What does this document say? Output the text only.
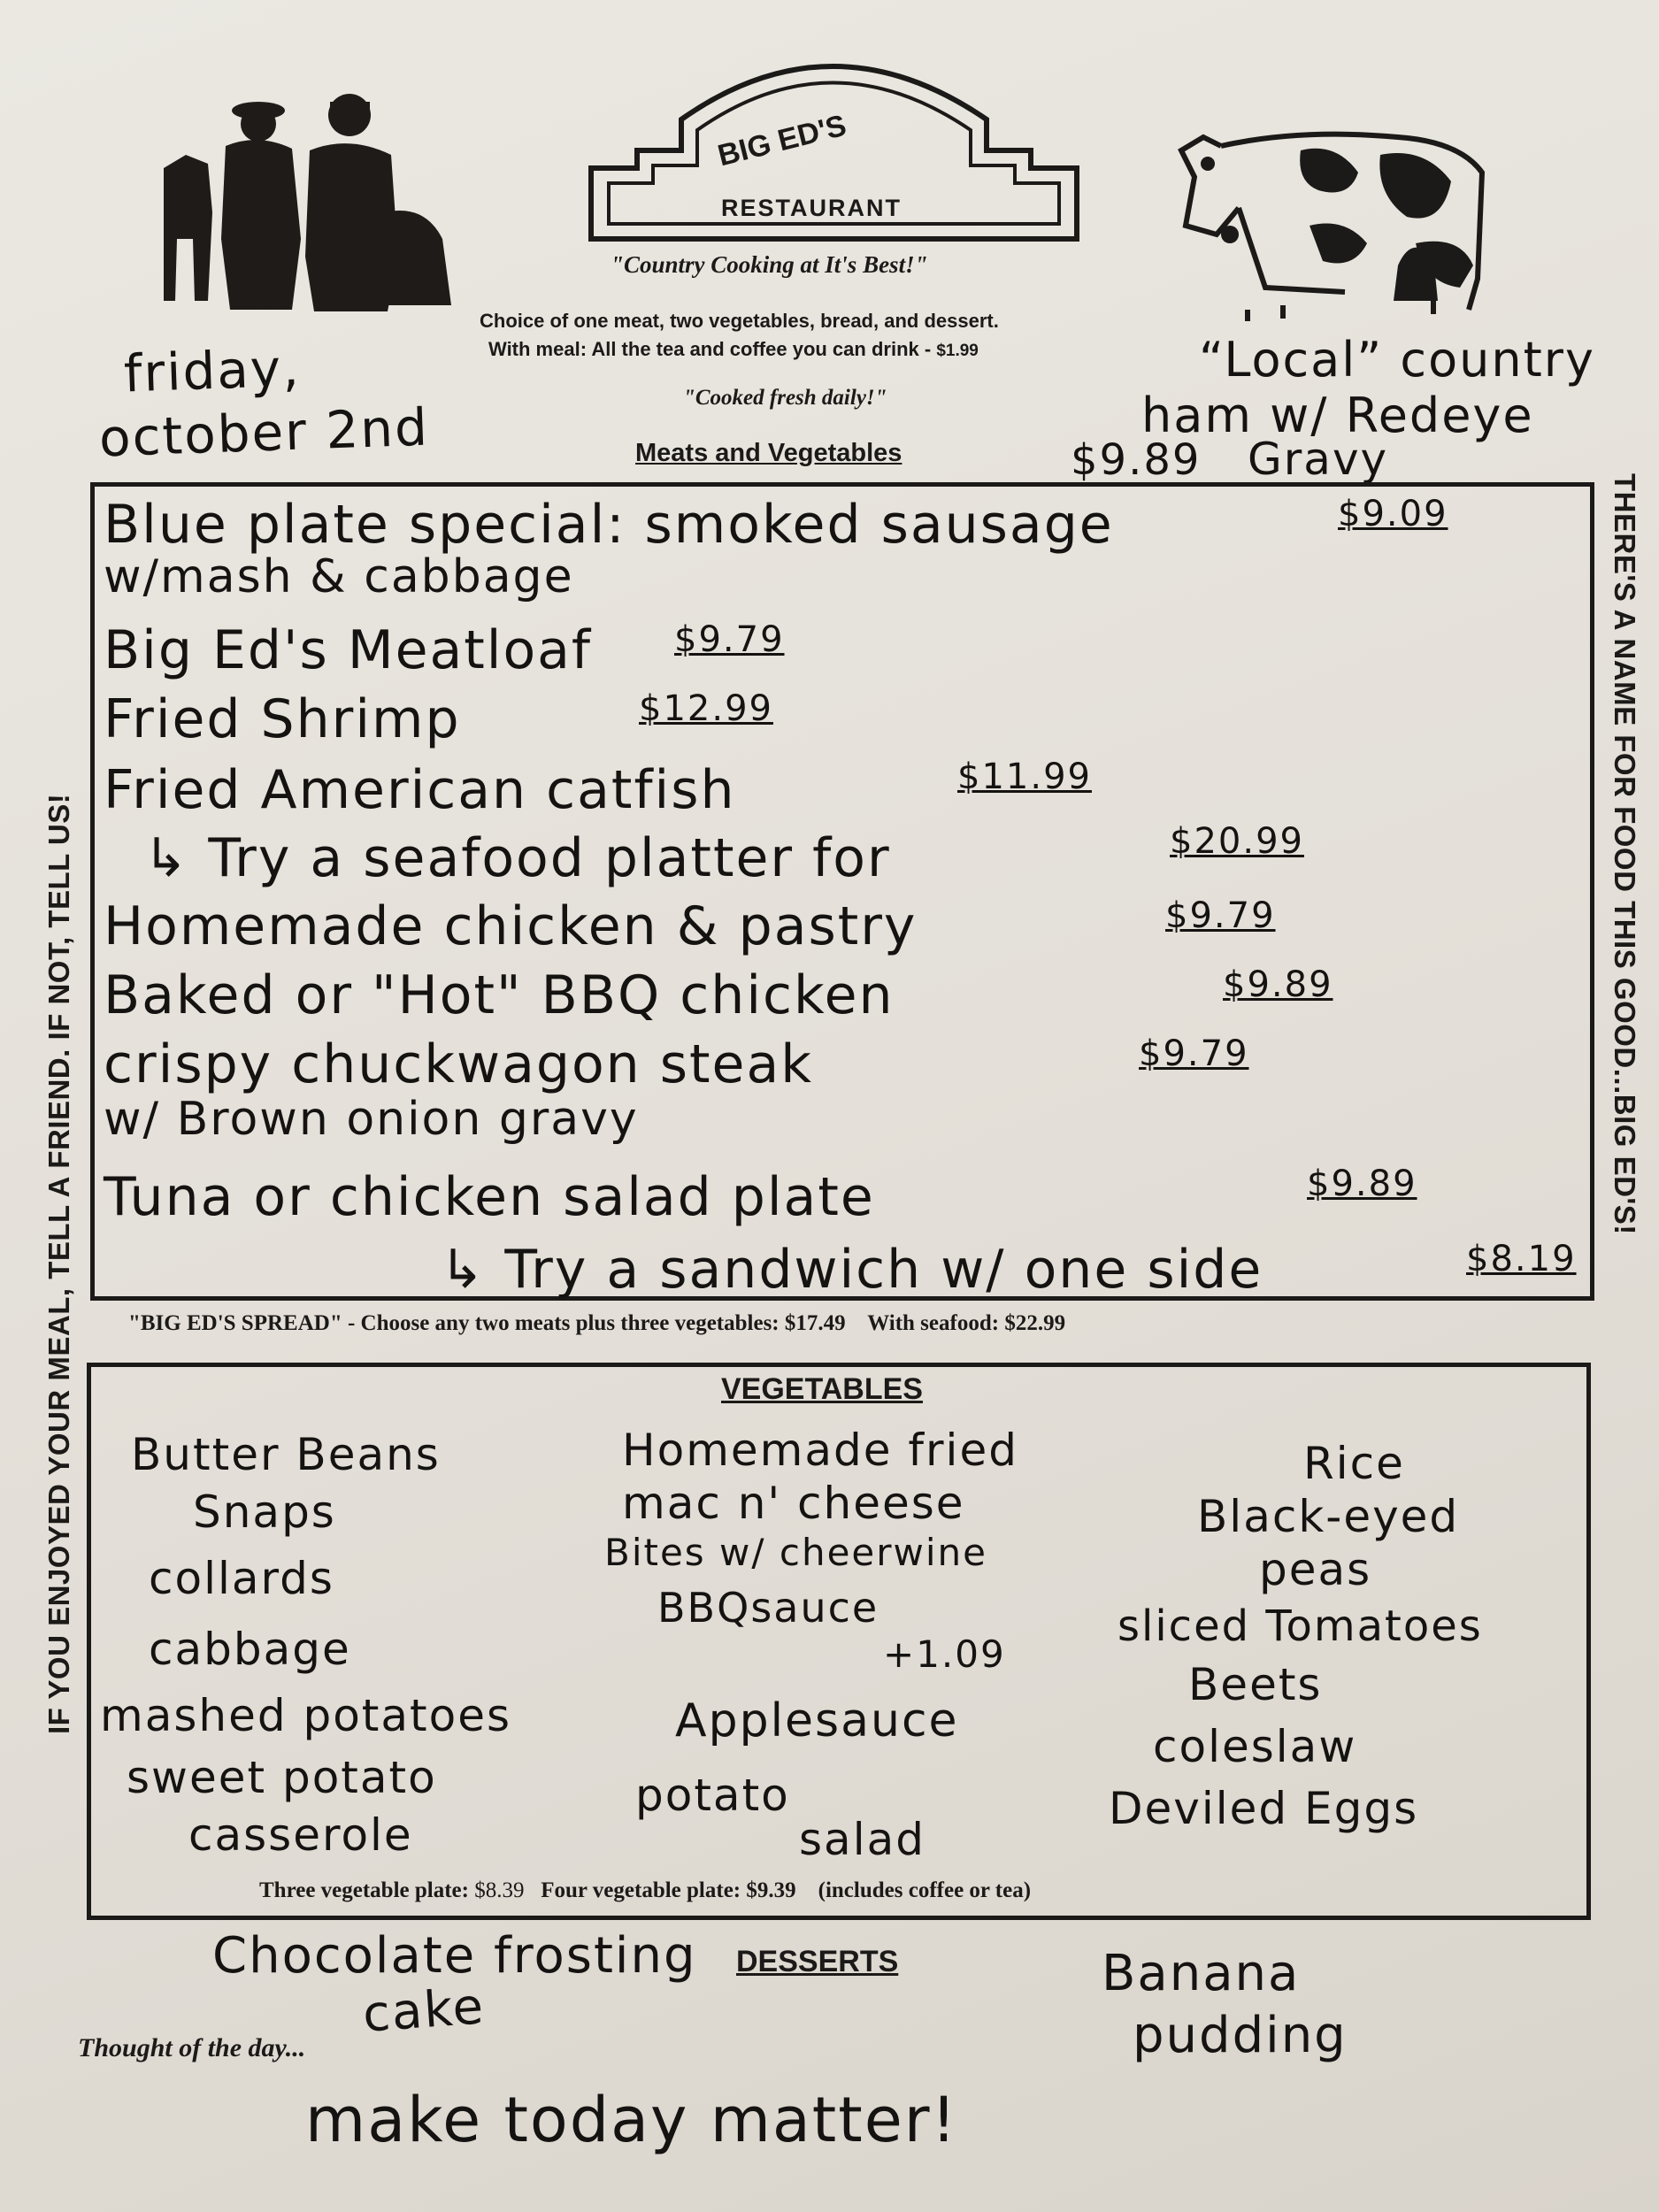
BIG ED'S
RESTAURANT
"Country Cooking at It's Best!"
Choice of one meat, two vegetables, bread, and dessert.
With meal: All the tea and coffee you can drink - $1.99
"Cooked fresh daily!"
Meats and Vegetables
friday,
october 2nd
“Local” country
ham w/ Redeye
$9.89 Gravy
IF YOU ENJOYED YOUR MEAL, TELL A FRIEND. IF NOT, TELL US!	THERE'S A NAME FOR FOOD THIS GOOD...BIG ED'S!
Blue plate special: smoked sausage	$9.09
w/mash & cabbage
Big Ed's Meatloaf $9.79
Fried Shrimp	$12.99
Fried American catfish	$11.99
↳ Try a seafood platter for	$20.99
Homemade chicken & pastry	$9.79
Baked or "Hot" BBQ chicken	$9.89
crispy chuckwagon steak	$9.79
w/ Brown onion gravy
Tuna or chicken salad plate	$9.89
↳ Try a sandwich w/ one side	$8.19
"BIG ED'S SPREAD" - Choose any two meats plus three vegetables: $17.49 With seafood: $22.99
VEGETABLES
Butter Beans
Snaps
collards
cabbage
mashed potatoes
sweet potato
casserole
Homemade fried
mac n' cheese
Bites w/ cheerwine
BBQsauce
+1.09
Applesauce
potato
salad
Rice
Black-eyed
peas
sliced Tomatoes
Beets
coleslaw
Deviled Eggs
Three vegetable plate: $8.39 Four vegetable plate: $9.39 (includes coffee or tea)
DESSERTS
Chocolate frosting
cake
Banana
pudding
Thought of the day...
make today matter!
